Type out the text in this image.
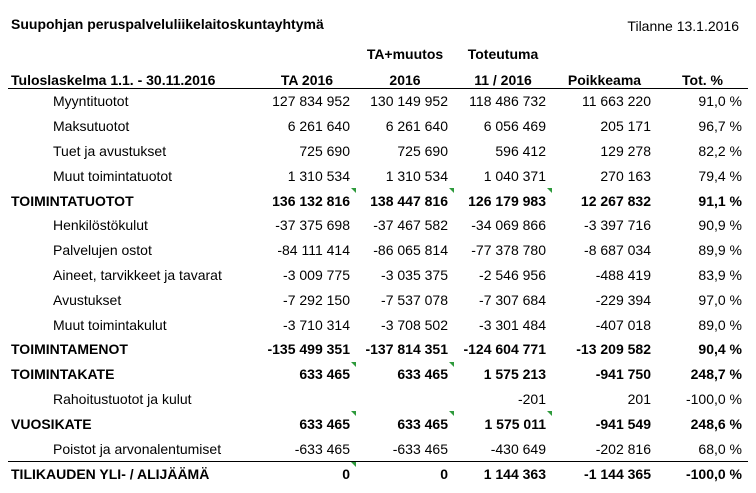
Suupohjan peruspalveluliikelaitoskuntayhtymä	Tilanne 13.1.2016
		TA+muutos	Toteutuma		
Tuloslaskelma 1.1. - 30.11.2016	TA 2016	2016	11 / 2016	Poikkeama	Tot. %
Myyntituotot	127 834 952	130 149 952	118 486 732	11 663 220	91,0 %
Maksutuotot	6 261 640	6 261 640	6 056 469	205 171	96,7 %
Tuet ja avustukset	725 690	725 690	596 412	129 278	82,2 %
Muut toimintatuotot	1 310 534	1 310 534	1 040 371	270 163	79,4 %
TOIMINTATUOTOT	136 132 816	138 447 816	126 179 983	12 267 832	91,1 %
Henkilöstökulut	-37 375 698	-37 467 582	-34 069 866	-3 397 716	90,9 %
Palvelujen ostot	-84 111 414	-86 065 814	-77 378 780	-8 687 034	89,9 %
Aineet, tarvikkeet ja tavarat	-3 009 775	-3 035 375	-2 546 956	-488 419	83,9 %
Avustukset	-7 292 150	-7 537 078	-7 307 684	-229 394	97,0 %
Muut toimintakulut	-3 710 314	-3 708 502	-3 301 484	-407 018	89,0 %
TOIMINTAMENOT	-135 499 351	-137 814 351	-124 604 771	-13 209 582	90,4 %
TOIMINTAKATE	633 465	633 465	1 575 213	-941 750	248,7 %
Rahoitustuotot ja kulut			-201	201	-100,0 %
VUOSIKATE	633 465	633 465	1 575 011	-941 549	248,6 %
Poistot ja arvonalentumiset	-633 465	-633 465	-430 649	-202 816	68,0 %
TILIKAUDEN YLI- / ALIJÄÄMÄ	0	0	1 144 363	-1 144 365	-100,0 %
